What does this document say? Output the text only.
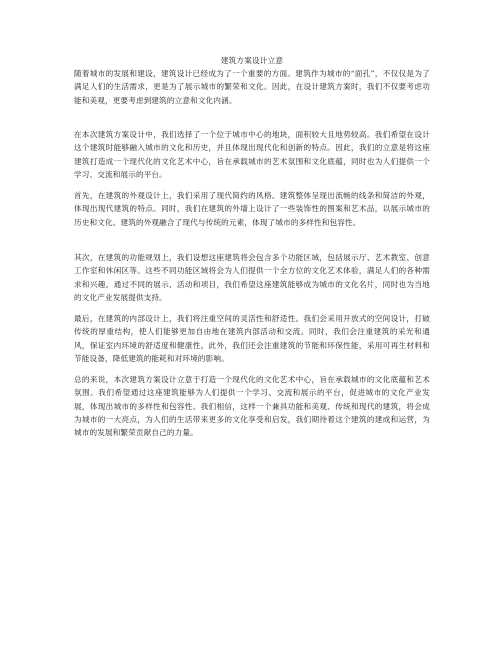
建筑方案设计立意
随着城市的发展和建设，建筑设计已经成为了一个重要的方面。建筑作为城市的“面孔”，不仅仅是为了满足人们的生活需求，更是为了展示城市的繁荣和文化。因此，在设计建筑方案时，我们不仅要考虑功能和美观，更要考虑到建筑的立意和文化内涵。
在本次建筑方案设计中，我们选择了一个位于城市中心的地块，面积较大且地势较高。我们希望在设计这个建筑时能够融入城市的文化和历史，并且体现出现代化和创新的特点。因此，我们的立意是将这座建筑打造成一个现代化的文化艺术中心，旨在承载城市的艺术氛围和文化底蕴，同时也为人们提供一个学习、交流和展示的平台。
首先，在建筑的外观设计上，我们采用了现代简约的风格。建筑整体呈现出流畅的线条和简洁的外观，体现出现代建筑的特点。同时，我们在建筑的外墙上设计了一些装饰性的图案和艺术品，以展示城市的历史和文化。建筑的外观融合了现代与传统的元素，体现了城市的多样性和包容性。
其次，在建筑的功能规划上，我们设想这座建筑将会包含多个功能区域，包括展示厅、艺术教室、创意工作室和休闲区等。这些不同功能区域将会为人们提供一个全方位的文化艺术体验，满足人们的各种需求和兴趣。通过不同的展示、活动和项目，我们希望这座建筑能够成为城市的文化名片，同时也为当地的文化产业发展提供支持。
最后，在建筑的内部设计上，我们将注重空间的灵活性和舒适性。我们会采用开放式的空间设计，打破传统的厚重结构，使人们能够更加自由地在建筑内部活动和交流。同时，我们会注重建筑的采光和通风，保证室内环境的舒适度和健康性。此外，我们还会注重建筑的节能和环保性能，采用可再生材料和节能设备，降低建筑的能耗和对环境的影响。
总的来说，本次建筑方案设计立意于打造一个现代化的文化艺术中心，旨在承载城市的文化底蕴和艺术氛围。我们希望通过这座建筑能够为人们提供一个学习、交流和展示的平台，促进城市的文化产业发展，体现出城市的多样性和包容性。我们相信，这样一个兼具功能和美观、传统和现代的建筑，将会成为城市的一大亮点，为人们的生活带来更多的文化享受和启发，我们期待着这个建筑的建成和运营，为城市的发展和繁荣贡献自己的力量。
